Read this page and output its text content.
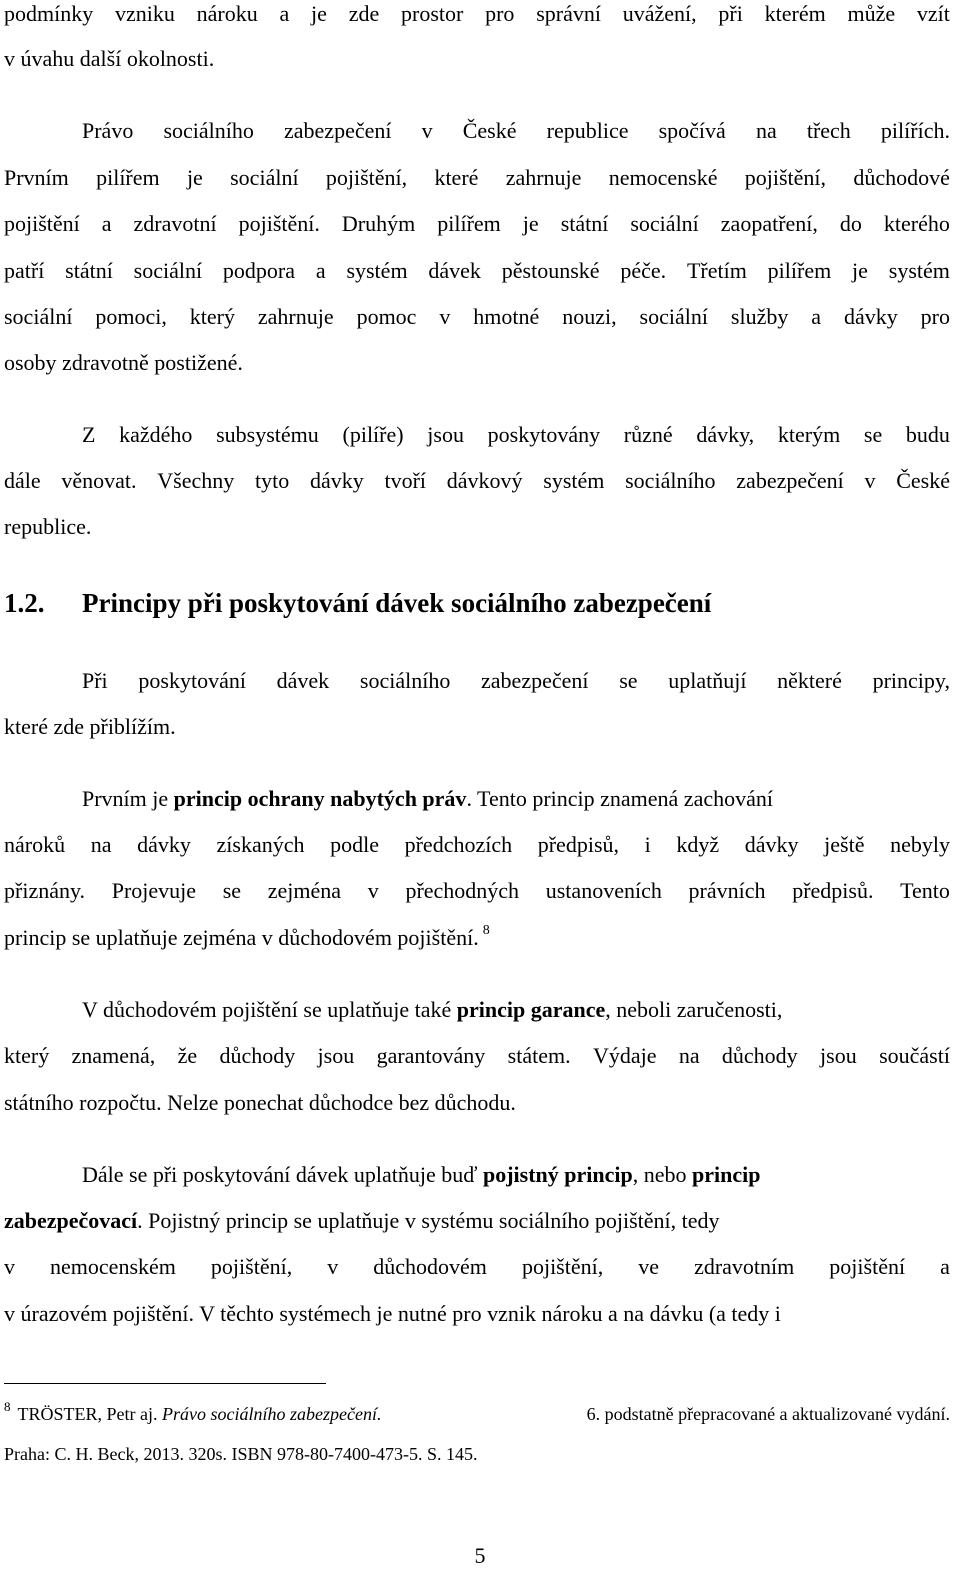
podmínky vzniku nároku a je zde prostor pro správní uvážení, při kterém může vzít
v úvahu další okolnosti.
Právo sociálního zabezpečení v České republice spočívá na třech pilířích.
Prvním pilířem je sociální pojištění, které zahrnuje nemocenské pojištění, důchodové
pojištění a zdravotní pojištění. Druhým pilířem je státní sociální zaopatření, do kterého
patří státní sociální podpora a systém dávek pěstounské péče. Třetím pilířem je systém
sociální pomoci, který zahrnuje pomoc v hmotné nouzi, sociální služby a dávky pro
osoby zdravotně postižené.
Z každého subsystému (pilíře) jsou poskytovány různé dávky, kterým se budu
dále věnovat. Všechny tyto dávky tvoří dávkový systém sociálního zabezpečení v České
republice.
1.2. Principy při poskytování dávek sociálního zabezpečení
Při poskytování dávek sociálního zabezpečení se uplatňují některé principy,
které zde přiblížím.
Prvním je princip ochrany nabytých práv. Tento princip znamená zachování
nároků na dávky získaných podle předchozích předpisů, i když dávky ještě nebyly
přiznány. Projevuje se zejména v přechodných ustanoveních právních předpisů. Tento
princip se uplatňuje zejména v důchodovém pojištění. $^8$
V důchodovém pojištění se uplatňuje také princip garance, neboli zaručenosti,
který znamená, že důchody jsou garantovány státem. Výdaje na důchody jsou součástí
státního rozpočtu. Nelze ponechat důchodce bez důchodu.
Dále se při poskytování dávek uplatňuje buď pojistný princip, nebo princip
zabezpečovací. Pojistný princip se uplatňuje v systému sociálního pojištění, tedy
v nemocenském pojištění, v důchodovém pojištění, ve zdravotním pojištění a
v úrazovém pojištění. V těchto systémech je nutné pro vznik nároku a na dávku (a tedy i
$^8$ TRÖSTER, Petr aj. Právo sociálního zabezpečení.	6. podstatně přepracované a aktualizované vydání.
Praha: C. H. Beck, 2013. 320s. ISBN 978-80-7400-473-5. S. 145.
5
